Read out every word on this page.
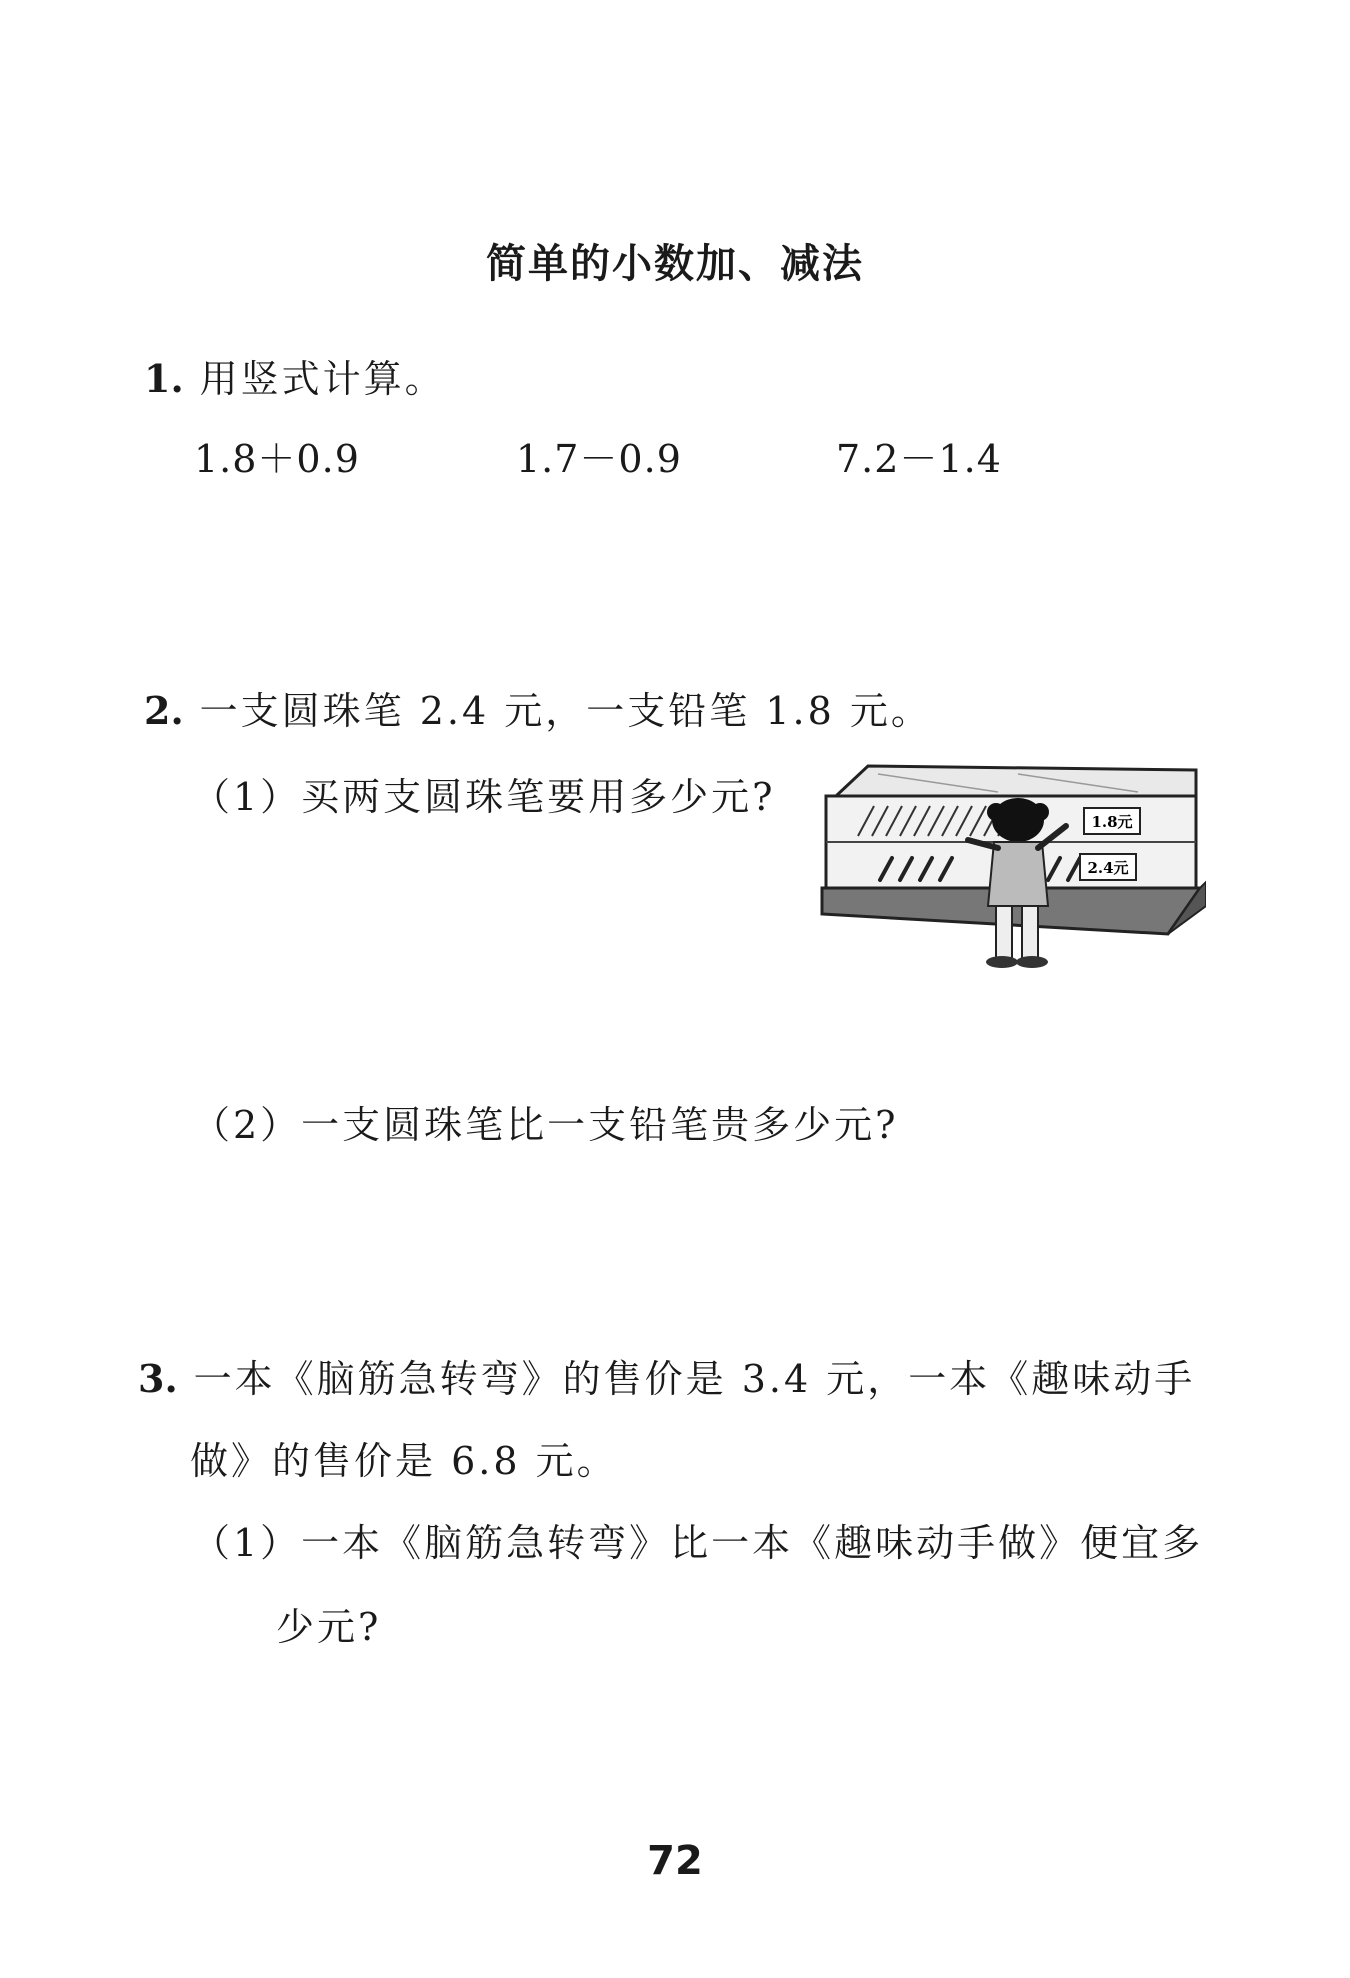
简单的小数加、减法
1. 用竖式计算。
1.8＋0.9	1.7－0.9	7.2－1.4
2. 一支圆珠笔 2.4 元，一支铅笔 1.8 元。
（1）买两支圆珠笔要用多少元?
1.8元
2.4元
（2）一支圆珠笔比一支铅笔贵多少元?
3. 一本《脑筋急转弯》的售价是 3.4 元，一本《趣味动手
做》的售价是 6.8 元。
（1）一本《脑筋急转弯》比一本《趣味动手做》便宜多
少元?
72
